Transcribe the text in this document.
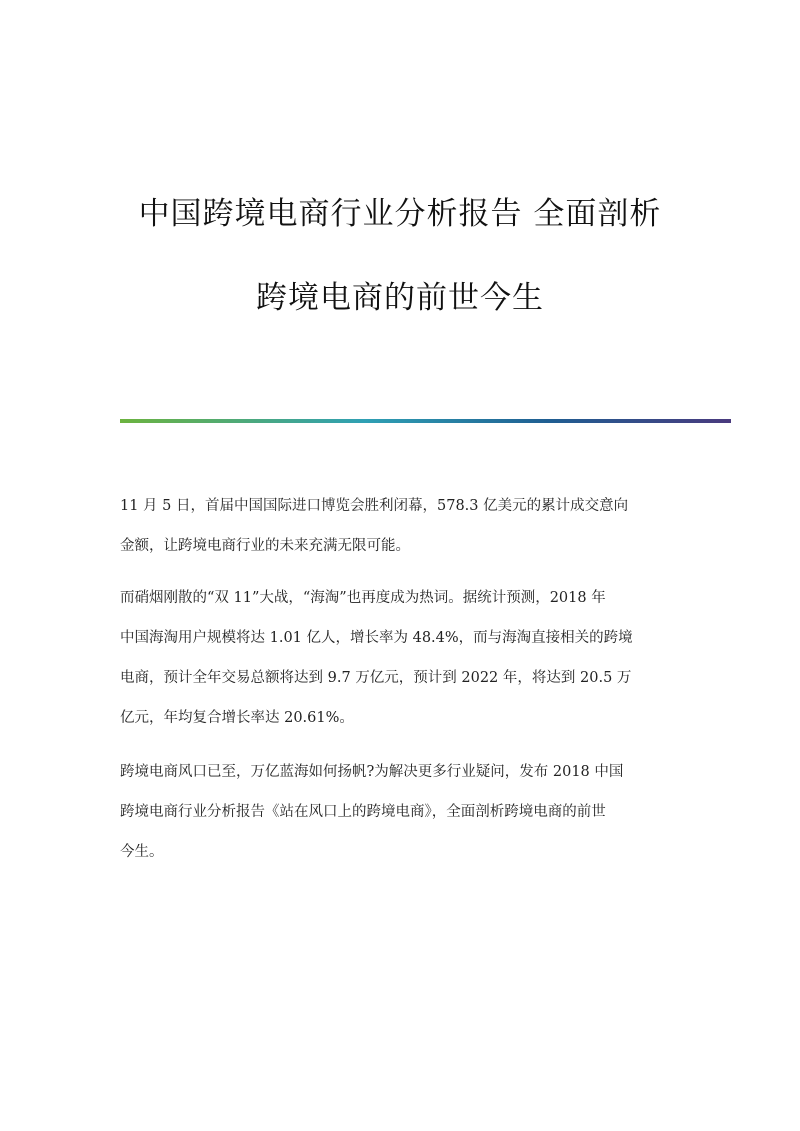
中国跨境电商行业分析报告 全面剖析
跨境电商的前世今生
11 月 5 日，首届中国国际进口博览会胜利闭幕，578.3 亿美元的累计成交意向
金额，让跨境电商行业的未来充满无限可能。
而硝烟刚散的“双 11”大战，“海淘”也再度成为热词。据统计预测，2018 年
中国海淘用户规模将达 1.01 亿人，增长率为 48.4%，而与海淘直接相关的跨境
电商，预计全年交易总额将达到 9.7 万亿元，预计到 2022 年，将达到 20.5 万
亿元，年均复合增长率达 20.61%。
跨境电商风口已至，万亿蓝海如何扬帆?为解决更多行业疑问，发布 2018 中国
跨境电商行业分析报告《站在风口上的跨境电商》，全面剖析跨境电商的前世
今生。
